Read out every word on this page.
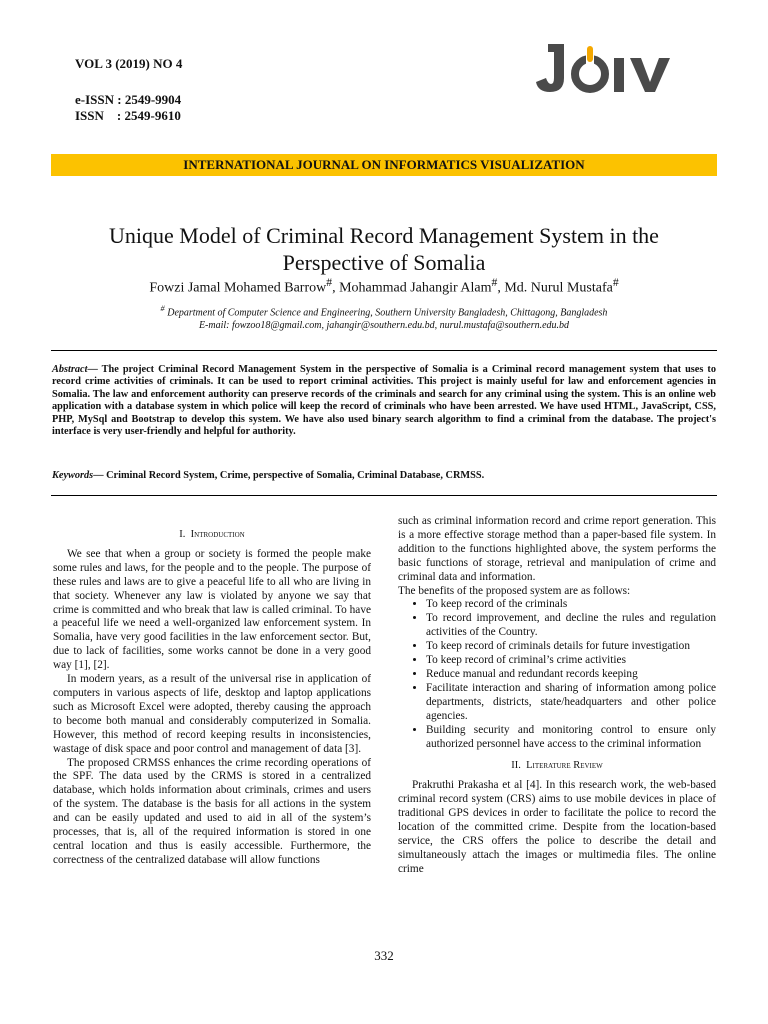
VOL 3 (2019) NO 4
e-ISSN : 2549-9904
ISSN    : 2549-9610
INTERNATIONAL JOURNAL ON INFORMATICS VISUALIZATION
Unique Model of Criminal Record Management System in the
Perspective of Somalia
Fowzi Jamal Mohamed Barrow#, Mohammad Jahangir Alam#, Md. Nurul Mustafa#
# Department of Computer Science and Engineering, Southern University Bangladesh, Chittagong, Bangladesh
E-mail: fowzoo18@gmail.com, jahangir@southern.edu.bd, nurul.mustafa@southern.edu.bd
Abstract— The project Criminal Record Management System in the perspective of Somalia is a Criminal record management system that uses to record crime activities of criminals. It can be used to report criminal activities. This project is mainly useful for law and enforcement agencies in Somalia. The law and enforcement authority can preserve records of the criminals and search for any criminal using the system. This is an online web application with a database system in which police will keep the record of criminals who have been arrested. We have used HTML, JavaScript, CSS, PHP, MySql and Bootstrap to develop this system. We have also used binary search algorithm to find a criminal from the database. The project's interface is very user-friendly and helpful for authority.
Keywords— Criminal Record System, Crime, perspective of Somalia, Criminal Database, CRMSS.
I. Introduction

We see that when a group or society is formed the people make some rules and laws, for the people and to the people. The purpose of these rules and laws are to give a peaceful life to all who are living in that society. Whenever any law is violated by anyone we say that crime is committed and who break that law is called criminal. To have a peaceful life we need a well-organized law enforcement system. In Somalia, have very good facilities in the law enforcement sector. But, due to lack of facilities, some works cannot be done in a very good way [1], [2].

In modern years, as a result of the universal rise in application of computers in various aspects of life, desktop and laptop applications such as Microsoft Excel were adopted, thereby causing the approach to become both manual and considerably computerized in Somalia. However, this method of record keeping results in inconsistencies, wastage of disk space and poor control and management of data [3].

The proposed CRMSS enhances the crime recording operations of the SPF. The data used by the CRMS is stored in a centralized database, which holds information about criminals, crimes and users of the system. The database is the basis for all actions in the system and can be easily updated and used to aid in all of the system’s processes, that is, all of the required information is stored in one central location and thus is easily accessible. Furthermore, the correctness of the centralized database will allow functions

such as criminal information record and crime report generation. This is a more effective storage method than a paper-based file system. In addition to the functions highlighted above, the system performs the basic functions of storage, retrieval and manipulation of crime and criminal data and information.

The benefits of the proposed system are as follows:

• To keep record of the criminals
• To record improvement, and decline the rules and regulation activities of the Country.
• To keep record of criminals details for future investigation
• To keep record of criminal’s crime activities
• Reduce manual and redundant records keeping
• Facilitate interaction and sharing of information among police departments, districts, state/headquarters and other police agencies.
• Building security and monitoring control to ensure only authorized personnel have access to the criminal information
II. Literature Review

Prakruthi Prakasha et al [4]. In this research work, the web-based criminal record system (CRS) aims to use mobile devices in place of traditional GPS devices in order to facilitate the police to record the location of the committed crime. Despite from the location-based service, the CRS offers the police to describe the detail and simultaneously attach the images or multimedia files. The online crime

332
